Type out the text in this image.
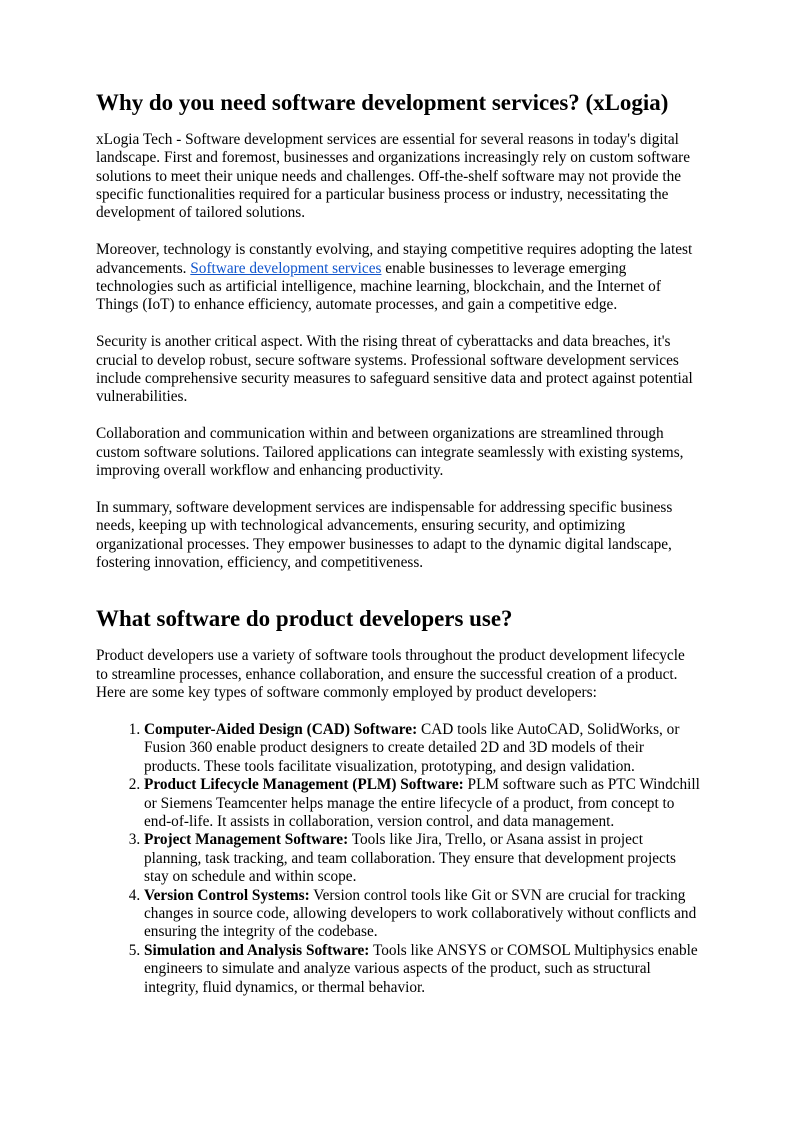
Why do you need software development services? (xLogia)

xLogia Tech - Software development services are essential for several reasons in today's digital landscape. First and foremost, businesses and organizations increasingly rely on custom software solutions to meet their unique needs and challenges. Off-the-shelf software may not provide the specific functionalities required for a particular business process or industry, necessitating the development of tailored solutions.

Moreover, technology is constantly evolving, and staying competitive requires adopting the latest advancements. Software development services enable businesses to leverage emerging technologies such as artificial intelligence, machine learning, blockchain, and the Internet of Things (IoT) to enhance efficiency, automate processes, and gain a competitive edge.

Security is another critical aspect. With the rising threat of cyberattacks and data breaches, it's crucial to develop robust, secure software systems. Professional software development services include comprehensive security measures to safeguard sensitive data and protect against potential vulnerabilities.

Collaboration and communication within and between organizations are streamlined through custom software solutions. Tailored applications can integrate seamlessly with existing systems, improving overall workflow and enhancing productivity.

In summary, software development services are indispensable for addressing specific business needs, keeping up with technological advancements, ensuring security, and optimizing organizational processes. They empower businesses to adapt to the dynamic digital landscape, fostering innovation, efficiency, and competitiveness.

What software do product developers use?

Product developers use a variety of software tools throughout the product development lifecycle to streamline processes, enhance collaboration, and ensure the successful creation of a product. Here are some key types of software commonly employed by product developers:

1. Computer-Aided Design (CAD) Software: CAD tools like AutoCAD, SolidWorks, or Fusion 360 enable product designers to create detailed 2D and 3D models of their products. These tools facilitate visualization, prototyping, and design validation.
2. Product Lifecycle Management (PLM) Software: PLM software such as PTC Windchill or Siemens Teamcenter helps manage the entire lifecycle of a product, from concept to end-of-life. It assists in collaboration, version control, and data management.
3. Project Management Software: Tools like Jira, Trello, or Asana assist in project planning, task tracking, and team collaboration. They ensure that development projects stay on schedule and within scope.
4. Version Control Systems: Version control tools like Git or SVN are crucial for tracking changes in source code, allowing developers to work collaboratively without conflicts and ensuring the integrity of the codebase.
5. Simulation and Analysis Software: Tools like ANSYS or COMSOL Multiphysics enable engineers to simulate and analyze various aspects of the product, such as structural integrity, fluid dynamics, or thermal behavior.
